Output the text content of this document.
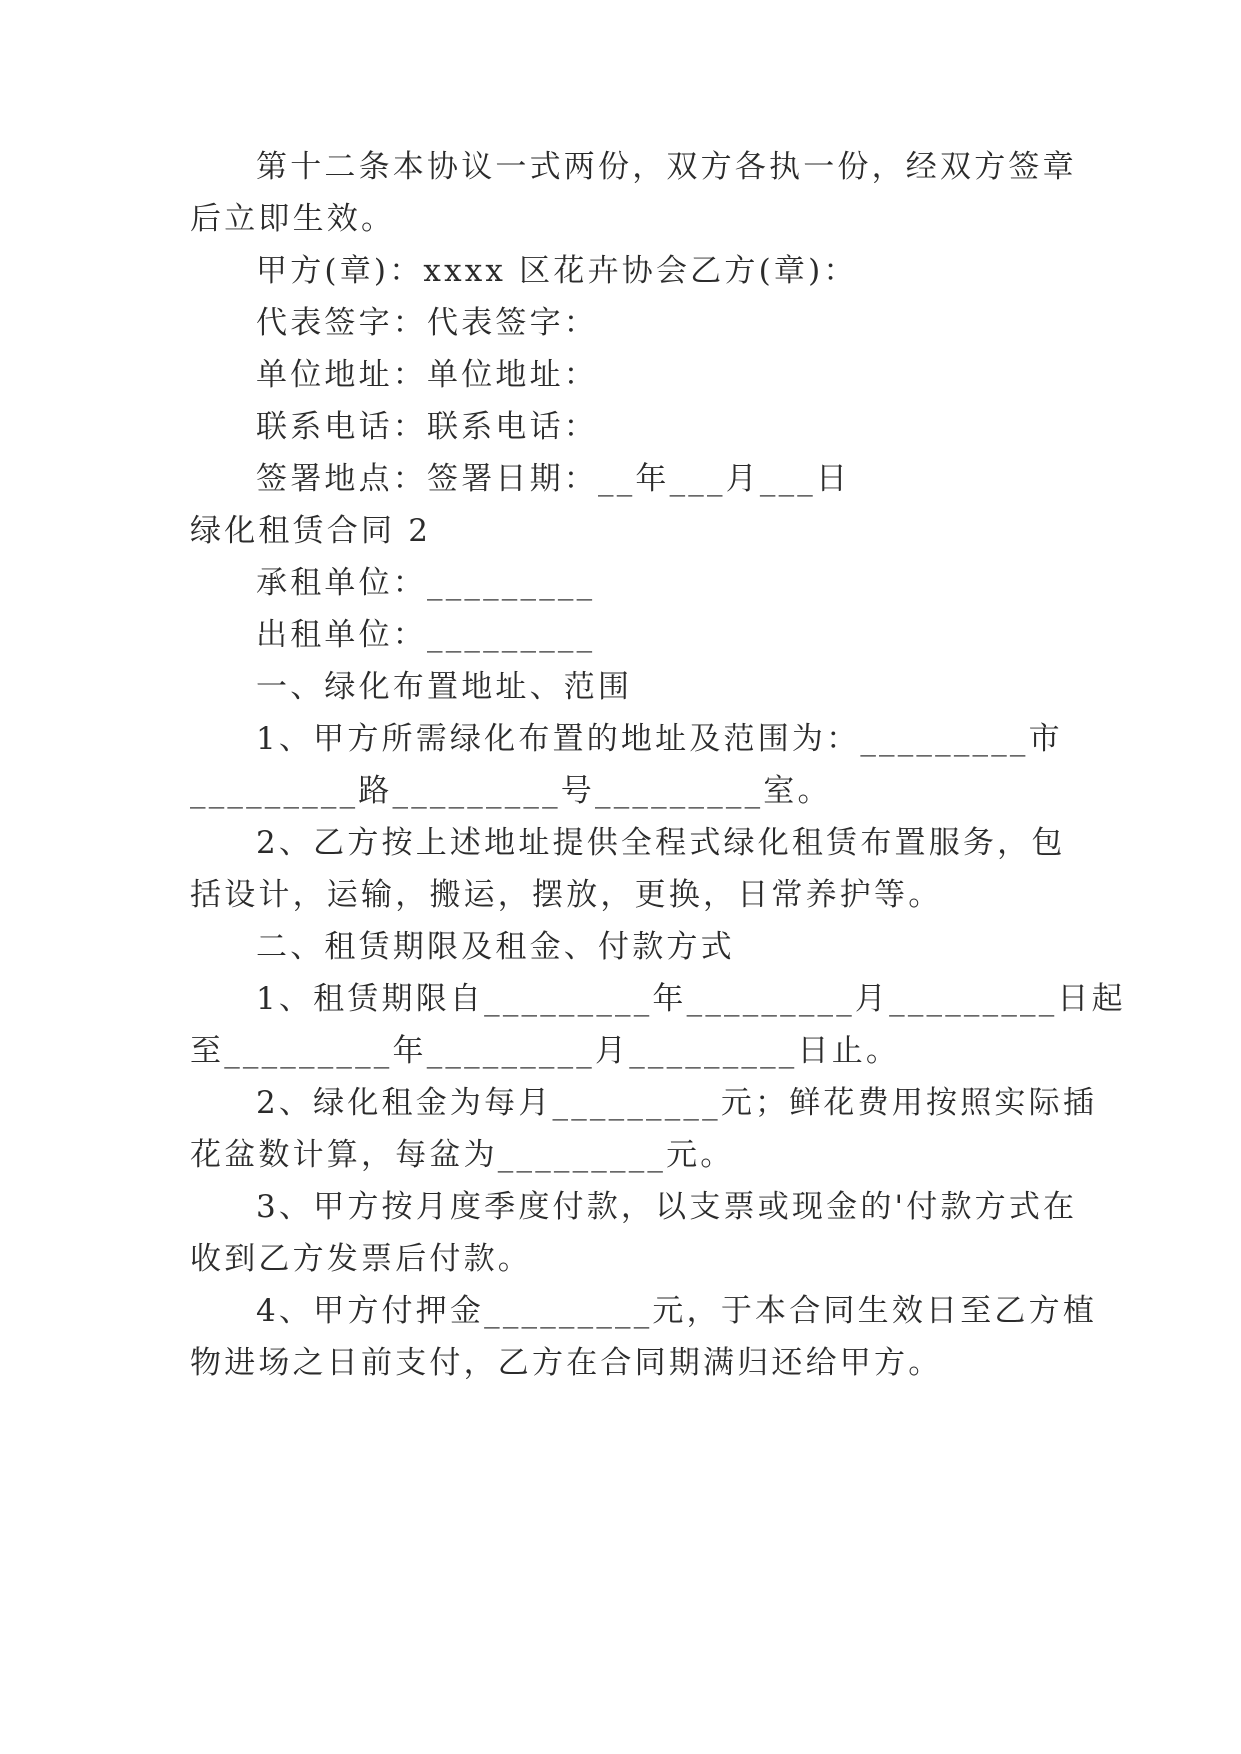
第十二条本协议一式两份，双方各执一份，经双方签章
后立即生效。
甲方(章)：xxxx 区花卉协会乙方(章)：
代表签字：代表签字：
单位地址：单位地址：
联系电话：联系电话：
签署地点：签署日期：__年___月___日
绿化租赁合同 2
承租单位：_________
出租单位：_________
一、绿化布置地址、范围
1、甲方所需绿化布置的地址及范围为：_________市
_________路_________号_________室。
2、乙方按上述地址提供全程式绿化租赁布置服务，包
括设计，运输，搬运，摆放，更换，日常养护等。
二、租赁期限及租金、付款方式
1、租赁期限自_________年_________月_________日起
至_________年_________月_________日止。
2、绿化租金为每月_________元；鲜花费用按照实际插
花盆数计算，每盆为_________元。
3、甲方按月度季度付款，以支票或现金的'付款方式在
收到乙方发票后付款。
4、甲方付押金_________元，于本合同生效日至乙方植
物进场之日前支付，乙方在合同期满归还给甲方。
